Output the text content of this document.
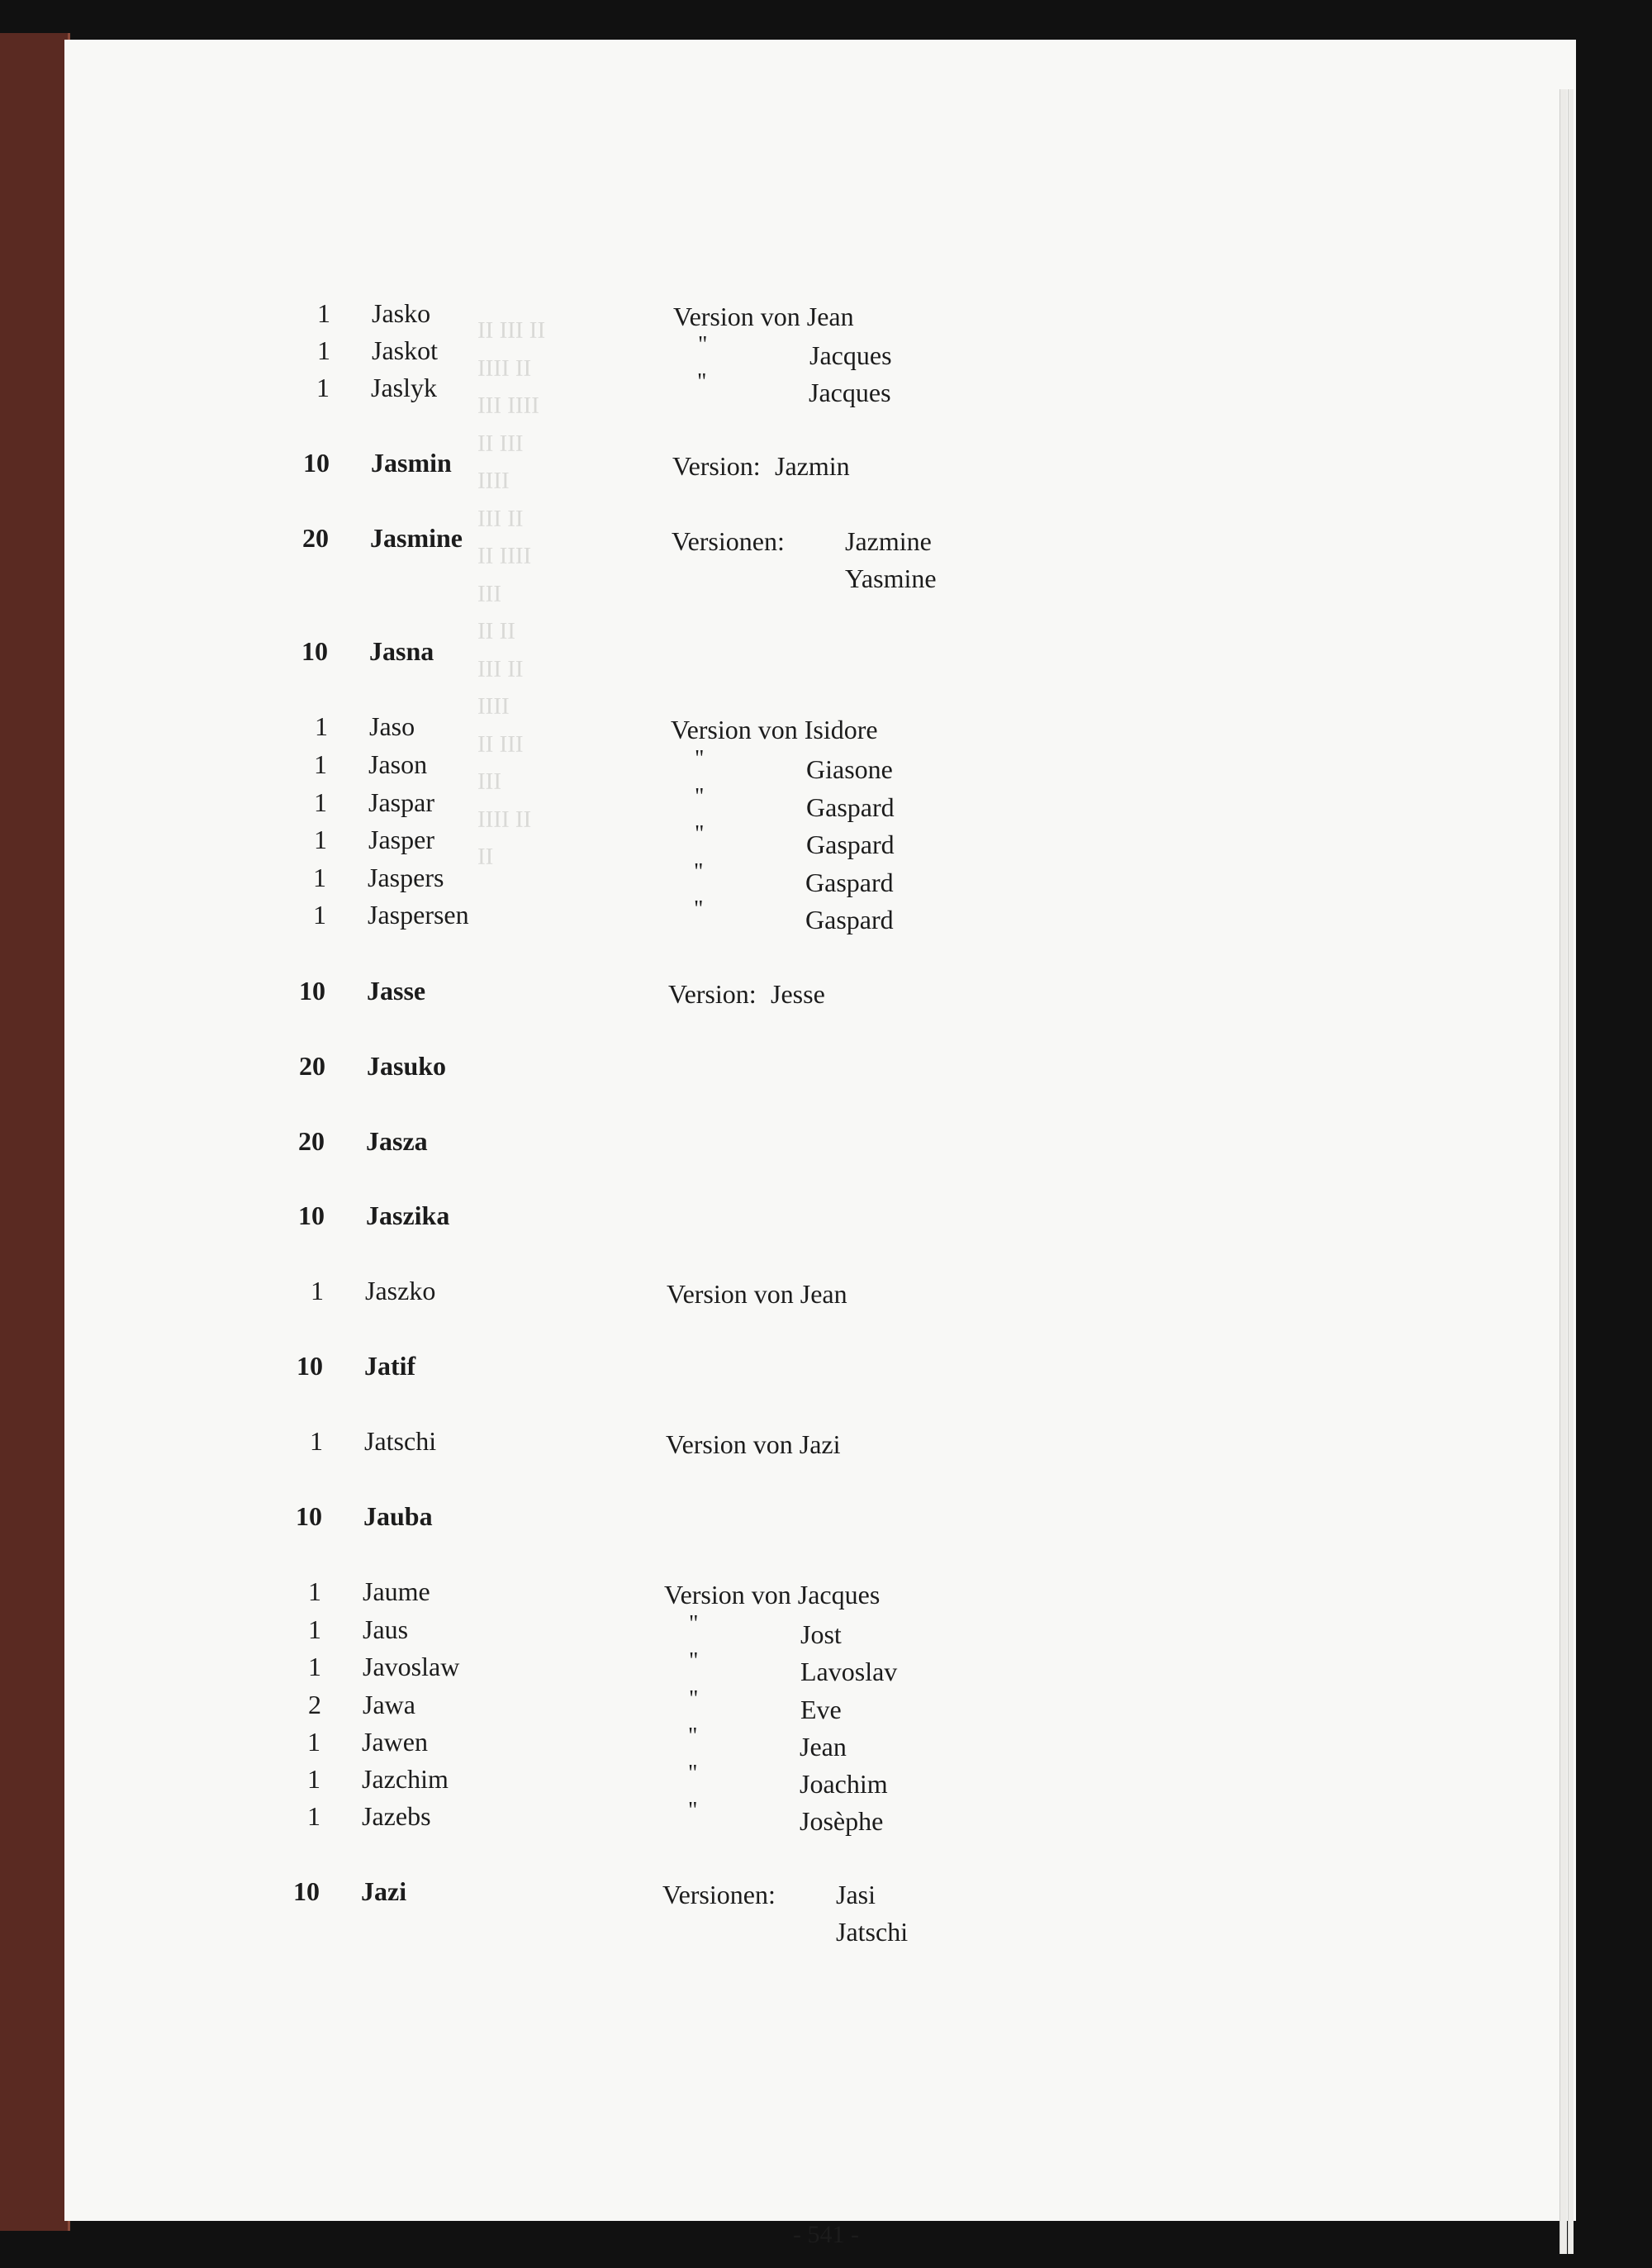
ΙΙ ΙΙΙ ΙΙ
ΙΙΙΙ ΙΙ
ΙΙΙ ΙΙΙΙ
ΙΙ ΙΙΙ
ΙΙΙΙ
ΙΙΙ ΙΙ
ΙΙ ΙΙΙΙ
ΙΙΙ
ΙΙ ΙΙ
ΙΙΙ ΙΙ
ΙΙΙΙ
ΙΙ ΙΙΙ
ΙΙΙ
ΙΙΙΙ ΙΙ
ΙΙ
1 Jasko	Version von Jean
1 Jaskot	"	Jacques
1 Jaslyk	"	Jacques
10 Jasmin	Version: Jazmin
20 Jasmine	Versionen: Jazmine
Yasmine
10 Jasna
1 Jaso	Version von Isidore
1 Jason	"	Giasone
1 Jaspar	"	Gaspard
1 Jasper	"	Gaspard
1 Jaspers	"	Gaspard
1 Jaspersen	"	Gaspard
10 Jasse	Version: Jesse
20 Jasuko
20 Jasza
10 Jaszika
1 Jaszko	Version von Jean
10 Jatif
1 Jatschi	Version von Jazi
10 Jauba
1 Jaume	Version von Jacques
1 Jaus	"	Jost
1 Javoslaw	"	Lavoslav
2 Jawa	"	Eve
1 Jawen	"	Jean
1 Jazchim	"	Joachim
1 Jazebs	"	Josèphe
10 Jazi	Versionen: Jasi
Jatschi
- 541 -
